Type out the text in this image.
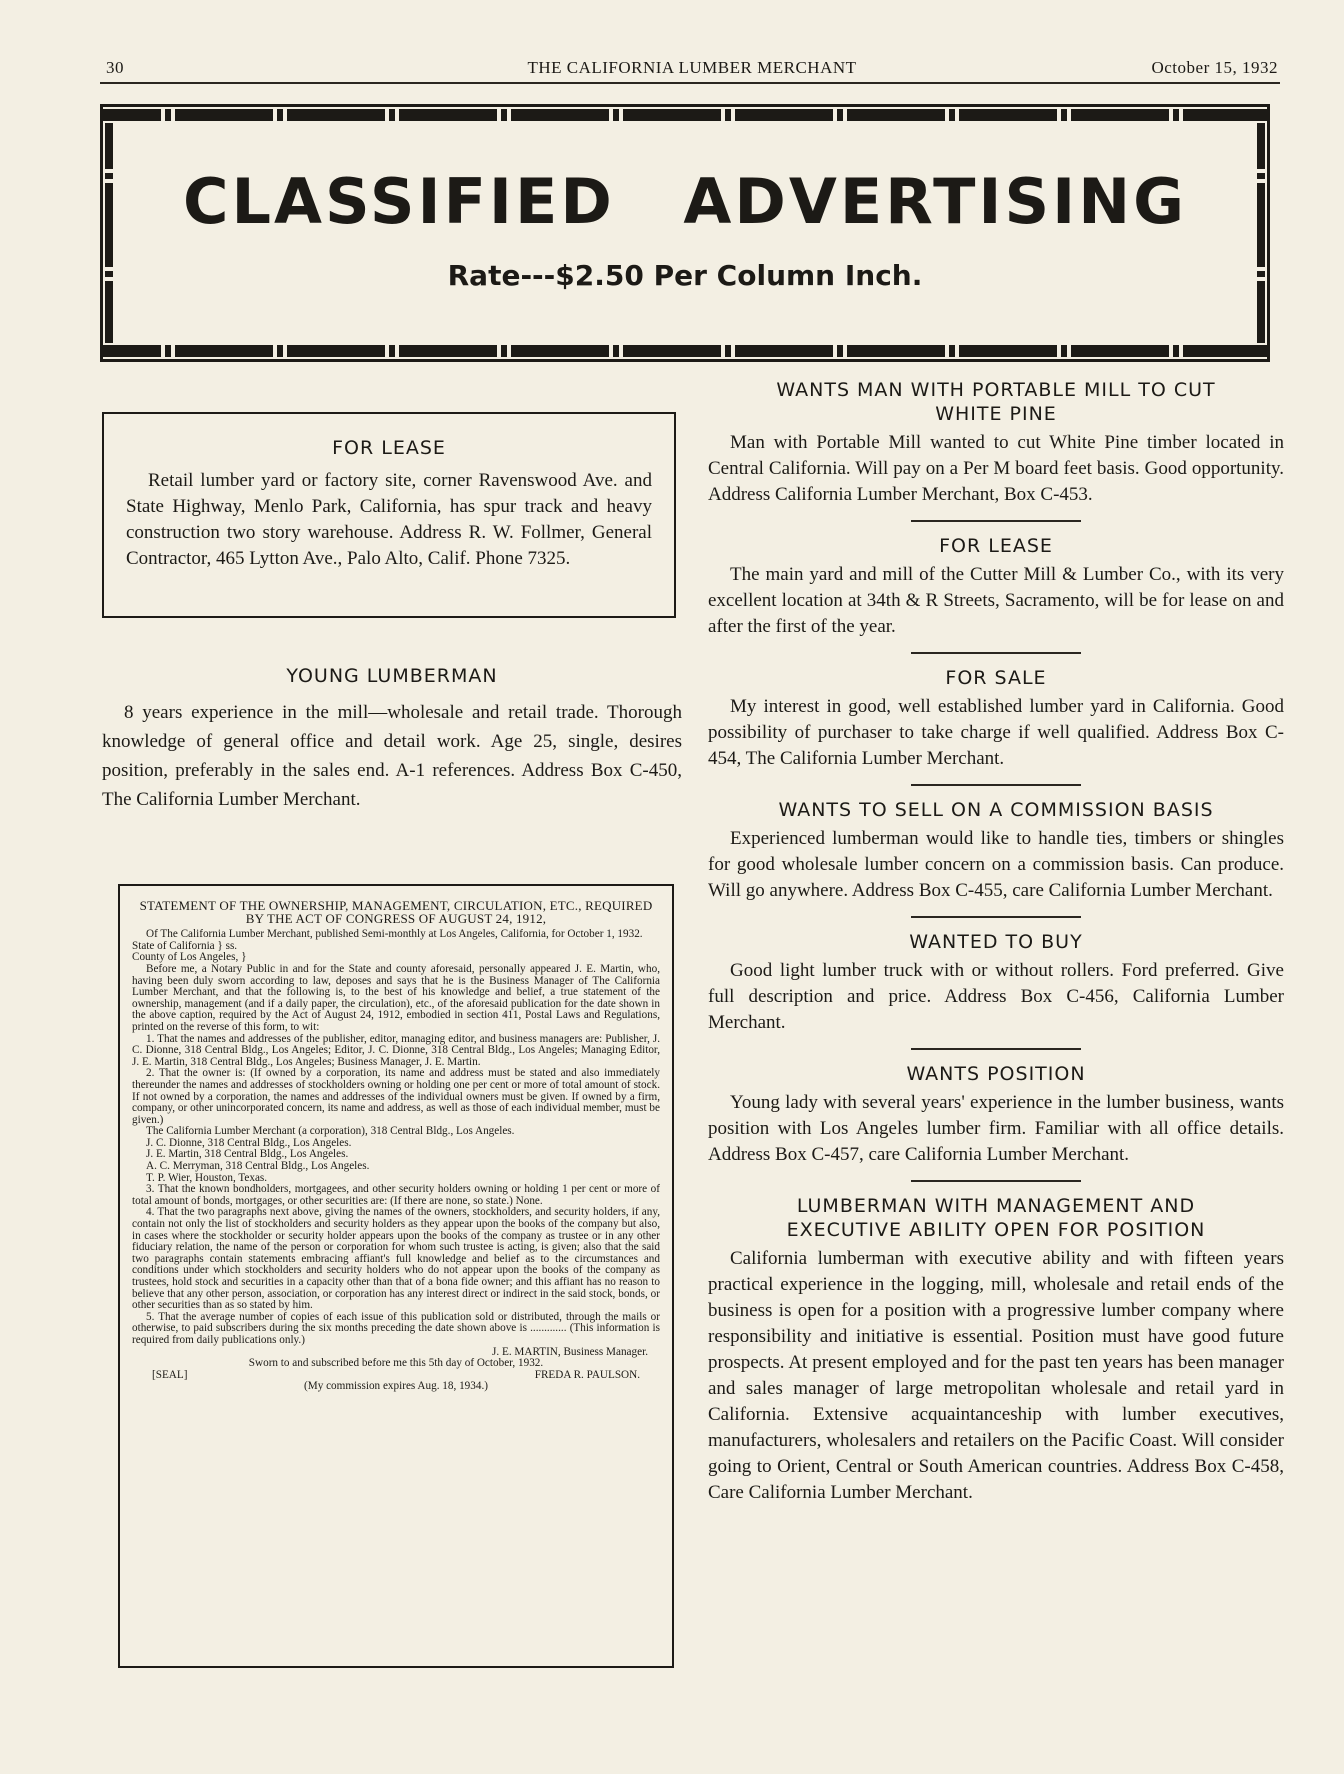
30	THE CALIFORNIA LUMBER MERCHANT	October 15, 1932
CLASSIFIED ADVERTISING
Rate---$2.50 Per Column Inch.
FOR LEASE
Retail lumber yard or factory site, corner Ravenswood Ave. and State Highway, Menlo Park, California, has spur track and heavy construction two story warehouse. Address R. W. Follmer, General Contractor, 465 Lytton Ave., Palo Alto, Calif. Phone 7325.
YOUNG LUMBERMAN
8 years experience in the mill—wholesale and retail trade. Thorough knowledge of general office and detail work. Age 25, single, desires position, preferably in the sales end. A-1 references. Address Box C-450, The California Lumber Merchant.
STATEMENT OF THE OWNERSHIP, MANAGEMENT, CIRCULATION, ETC., REQUIRED BY THE ACT OF CONGRESS OF AUGUST 24, 1912,

Of The California Lumber Merchant, published Semi-monthly at Los Angeles, California, for October 1, 1932.

State of California } ss.

County of Los Angeles, }

Before me, a Notary Public in and for the State and county aforesaid, personally appeared J. E. Martin, who, having been duly sworn according to law, deposes and says that he is the Business Manager of The California Lumber Merchant, and that the following is, to the best of his knowledge and belief, a true statement of the ownership, management (and if a daily paper, the circulation), etc., of the aforesaid publication for the date shown in the above caption, required by the Act of August 24, 1912, embodied in section 411, Postal Laws and Regulations, printed on the reverse of this form, to wit:

1. That the names and addresses of the publisher, editor, managing editor, and business managers are: Publisher, J. C. Dionne, 318 Central Bldg., Los Angeles; Editor, J. C. Dionne, 318 Central Bldg., Los Angeles; Managing Editor, J. E. Martin, 318 Central Bldg., Los Angeles; Business Manager, J. E. Martin.

2. That the owner is: (If owned by a corporation, its name and address must be stated and also immediately thereunder the names and addresses of stockholders owning or holding one per cent or more of total amount of stock. If not owned by a corporation, the names and addresses of the individual owners must be given. If owned by a firm, company, or other unincorporated concern, its name and address, as well as those of each individual member, must be given.)

The California Lumber Merchant (a corporation), 318 Central Bldg., Los Angeles.

J. C. Dionne, 318 Central Bldg., Los Angeles.

J. E. Martin, 318 Central Bldg., Los Angeles.

A. C. Merryman, 318 Central Bldg., Los Angeles.

T. P. Wier, Houston, Texas.

3. That the known bondholders, mortgagees, and other security holders owning or holding 1 per cent or more of total amount of bonds, mortgages, or other securities are: (If there are none, so state.) None.

4. That the two paragraphs next above, giving the names of the owners, stockholders, and security holders, if any, contain not only the list of stockholders and security holders as they appear upon the books of the company but also, in cases where the stockholder or security holder appears upon the books of the company as trustee or in any other fiduciary relation, the name of the person or corporation for whom such trustee is acting, is given; also that the said two paragraphs contain statements embracing affiant's full knowledge and belief as to the circumstances and conditions under which stockholders and security holders who do not appear upon the books of the company as trustees, hold stock and securities in a capacity other than that of a bona fide owner; and this affiant has no reason to believe that any other person, association, or corporation has any interest direct or indirect in the said stock, bonds, or other securities than as so stated by him.

5. That the average number of copies of each issue of this publication sold or distributed, through the mails or otherwise, to paid subscribers during the six months preceding the date shown above is ............. (This information is required from daily publications only.)

J. E. MARTIN, Business Manager.

Sworn to and subscribed before me this 5th day of October, 1932.

[SEAL]	FREDA R. PAULSON.

(My commission expires Aug. 18, 1934.)

WANTS MAN WITH PORTABLE MILL TO CUT WHITE PINE
Man with Portable Mill wanted to cut White Pine timber located in Central California. Will pay on a Per M board feet basis. Good opportunity. Address California Lumber Merchant, Box C-453.
FOR LEASE
The main yard and mill of the Cutter Mill & Lumber Co., with its very excellent location at 34th & R Streets, Sacramento, will be for lease on and after the first of the year.
FOR SALE
My interest in good, well established lumber yard in California. Good possibility of purchaser to take charge if well qualified. Address Box C-454, The California Lumber Merchant.
WANTS TO SELL ON A COMMISSION BASIS
Experienced lumberman would like to handle ties, timbers or shingles for good wholesale lumber concern on a commission basis. Can produce. Will go anywhere. Address Box C-455, care California Lumber Merchant.
WANTED TO BUY
Good light lumber truck with or without rollers. Ford preferred. Give full description and price. Address Box C-456, California Lumber Merchant.
WANTS POSITION
Young lady with several years' experience in the lumber business, wants position with Los Angeles lumber firm. Familiar with all office details. Address Box C-457, care California Lumber Merchant.
LUMBERMAN WITH MANAGEMENT AND EXECUTIVE ABILITY OPEN FOR POSITION
California lumberman with executive ability and with fifteen years practical experience in the logging, mill, wholesale and retail ends of the business is open for a position with a progressive lumber company where responsibility and initiative is essential. Position must have good future prospects. At present employed and for the past ten years has been manager and sales manager of large metropolitan wholesale and retail yard in California. Extensive acquaintanceship with lumber executives, manufacturers, wholesalers and retailers on the Pacific Coast. Will consider going to Orient, Central or South American countries. Address Box C-458, Care California Lumber Merchant.
